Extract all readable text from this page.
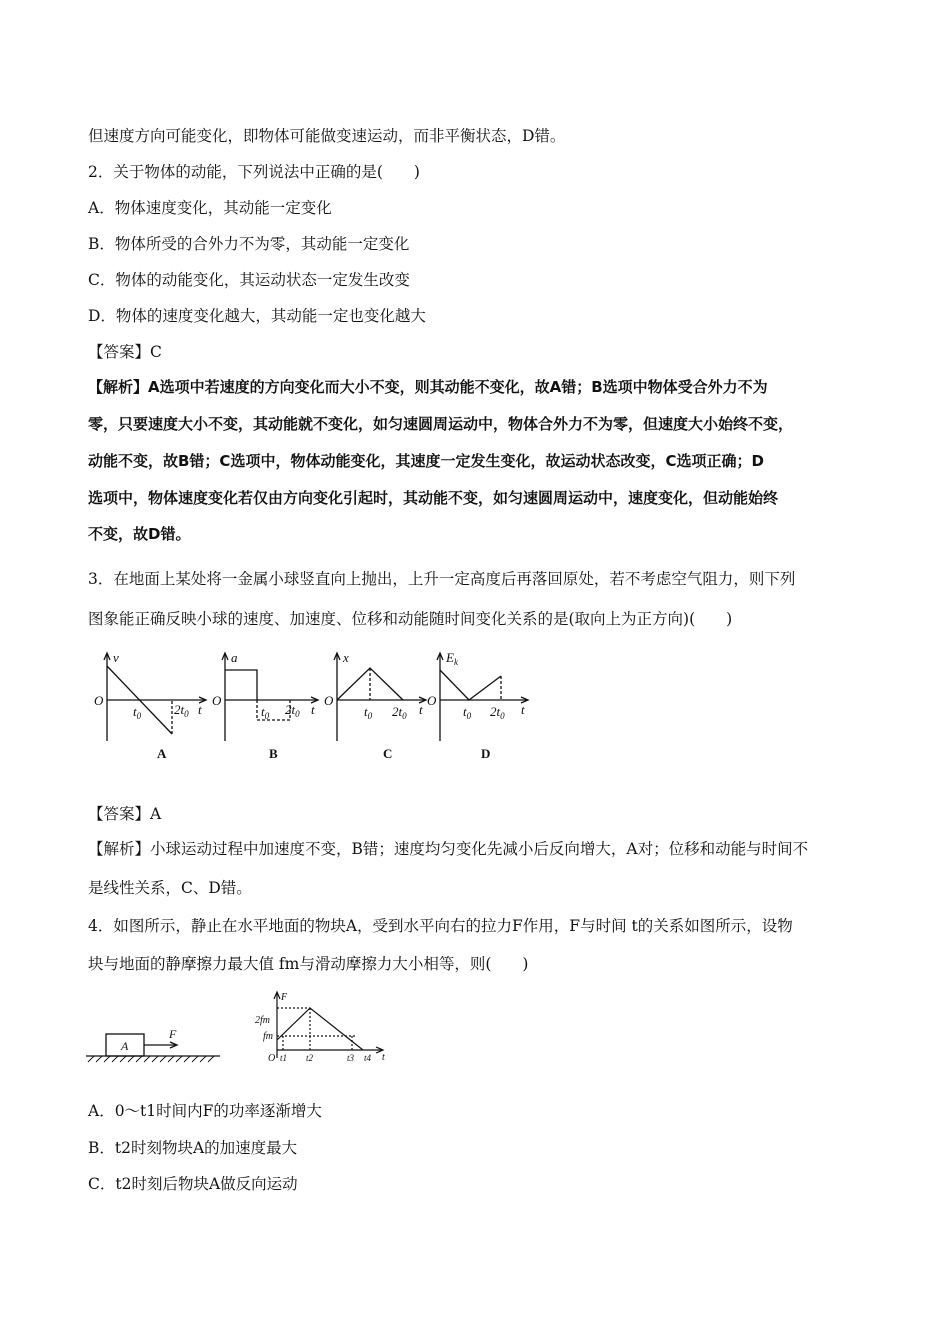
但速度方向可能变化，即物体可能做变速运动，而非平衡状态，D错。
2．关于物体的动能，下列说法中正确的是(　　)
A．物体速度变化，其动能一定变化
B．物体所受的合外力不为零，其动能一定变化
C．物体的动能变化，其运动状态一定发生改变
D．物体的速度变化越大，其动能一定也变化越大
【答案】C
【解析】A选项中若速度的方向变化而大小不变，则其动能不变化，故A错；B选项中物体受合外力不为
零，只要速度大小不变，其动能就不变化，如匀速圆周运动中，物体合外力不为零，但速度大小始终不变，
动能不变，故B错；C选项中，物体动能变化，其速度一定发生变化，故运动状态改变，C选项正确；D
选项中，物体速度变化若仅由方向变化引起时，其动能不变，如匀速圆周运动中，速度变化，但动能始终
不变，故D错。
3．在地面上某处将一金属小球竖直向上抛出，上升一定高度后再落回原处，若不考虑空气阻力，则下列
图象能正确反映小球的速度、加速度、位移和动能随时间变化关系的是(取向上为正方向)(　　)
v
O
$t_0$	$2t_0$ t
A
a
O
$t_0$ $2t_0$ t
B
x
O
$t_0$ $2t_0$ t
C
$E_k$
O
$t_0$ $2t_0$ t
D
【答案】A
【解析】小球运动过程中加速度不变，B错；速度均匀变化先减小后反向增大，A对；位移和动能与时间不
是线性关系，C、D错。
4．如图所示，静止在水平地面的物块A，受到水平向右的拉力F作用，F与时间 t的关系如图所示，设物
块与地面的静摩擦力最大值 fm与滑动摩擦力大小相等，则(　　)
A
F
F
2fm
fm
O t1 t2	t3 t4 t
A．0～t1时间内F的功率逐渐增大
B．t2时刻物块A的加速度最大
C．t2时刻后物块A做反向运动
